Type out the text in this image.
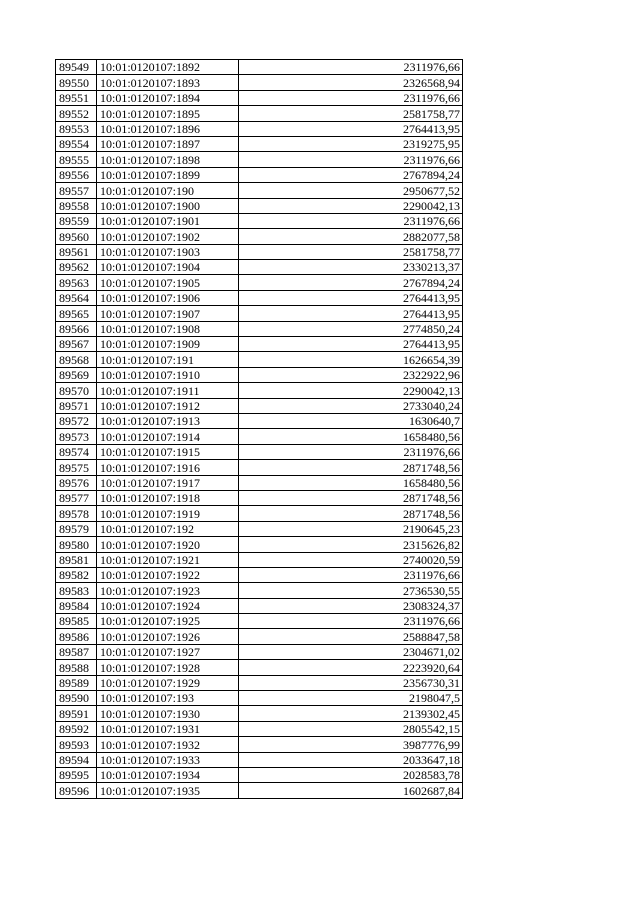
89549	10:01:0120107:1892	2311976,66
89550	10:01:0120107:1893	2326568,94
89551	10:01:0120107:1894	2311976,66
89552	10:01:0120107:1895	2581758,77
89553	10:01:0120107:1896	2764413,95
89554	10:01:0120107:1897	2319275,95
89555	10:01:0120107:1898	2311976,66
89556	10:01:0120107:1899	2767894,24
89557	10:01:0120107:190	2950677,52
89558	10:01:0120107:1900	2290042,13
89559	10:01:0120107:1901	2311976,66
89560	10:01:0120107:1902	2882077,58
89561	10:01:0120107:1903	2581758,77
89562	10:01:0120107:1904	2330213,37
89563	10:01:0120107:1905	2767894,24
89564	10:01:0120107:1906	2764413,95
89565	10:01:0120107:1907	2764413,95
89566	10:01:0120107:1908	2774850,24
89567	10:01:0120107:1909	2764413,95
89568	10:01:0120107:191	1626654,39
89569	10:01:0120107:1910	2322922,96
89570	10:01:0120107:1911	2290042,13
89571	10:01:0120107:1912	2733040,24
89572	10:01:0120107:1913	1630640,7
89573	10:01:0120107:1914	1658480,56
89574	10:01:0120107:1915	2311976,66
89575	10:01:0120107:1916	2871748,56
89576	10:01:0120107:1917	1658480,56
89577	10:01:0120107:1918	2871748,56
89578	10:01:0120107:1919	2871748,56
89579	10:01:0120107:192	2190645,23
89580	10:01:0120107:1920	2315626,82
89581	10:01:0120107:1921	2740020,59
89582	10:01:0120107:1922	2311976,66
89583	10:01:0120107:1923	2736530,55
89584	10:01:0120107:1924	2308324,37
89585	10:01:0120107:1925	2311976,66
89586	10:01:0120107:1926	2588847,58
89587	10:01:0120107:1927	2304671,02
89588	10:01:0120107:1928	2223920,64
89589	10:01:0120107:1929	2356730,31
89590	10:01:0120107:193	2198047,5
89591	10:01:0120107:1930	2139302,45
89592	10:01:0120107:1931	2805542,15
89593	10:01:0120107:1932	3987776,99
89594	10:01:0120107:1933	2033647,18
89595	10:01:0120107:1934	2028583,78
89596	10:01:0120107:1935	1602687,84
